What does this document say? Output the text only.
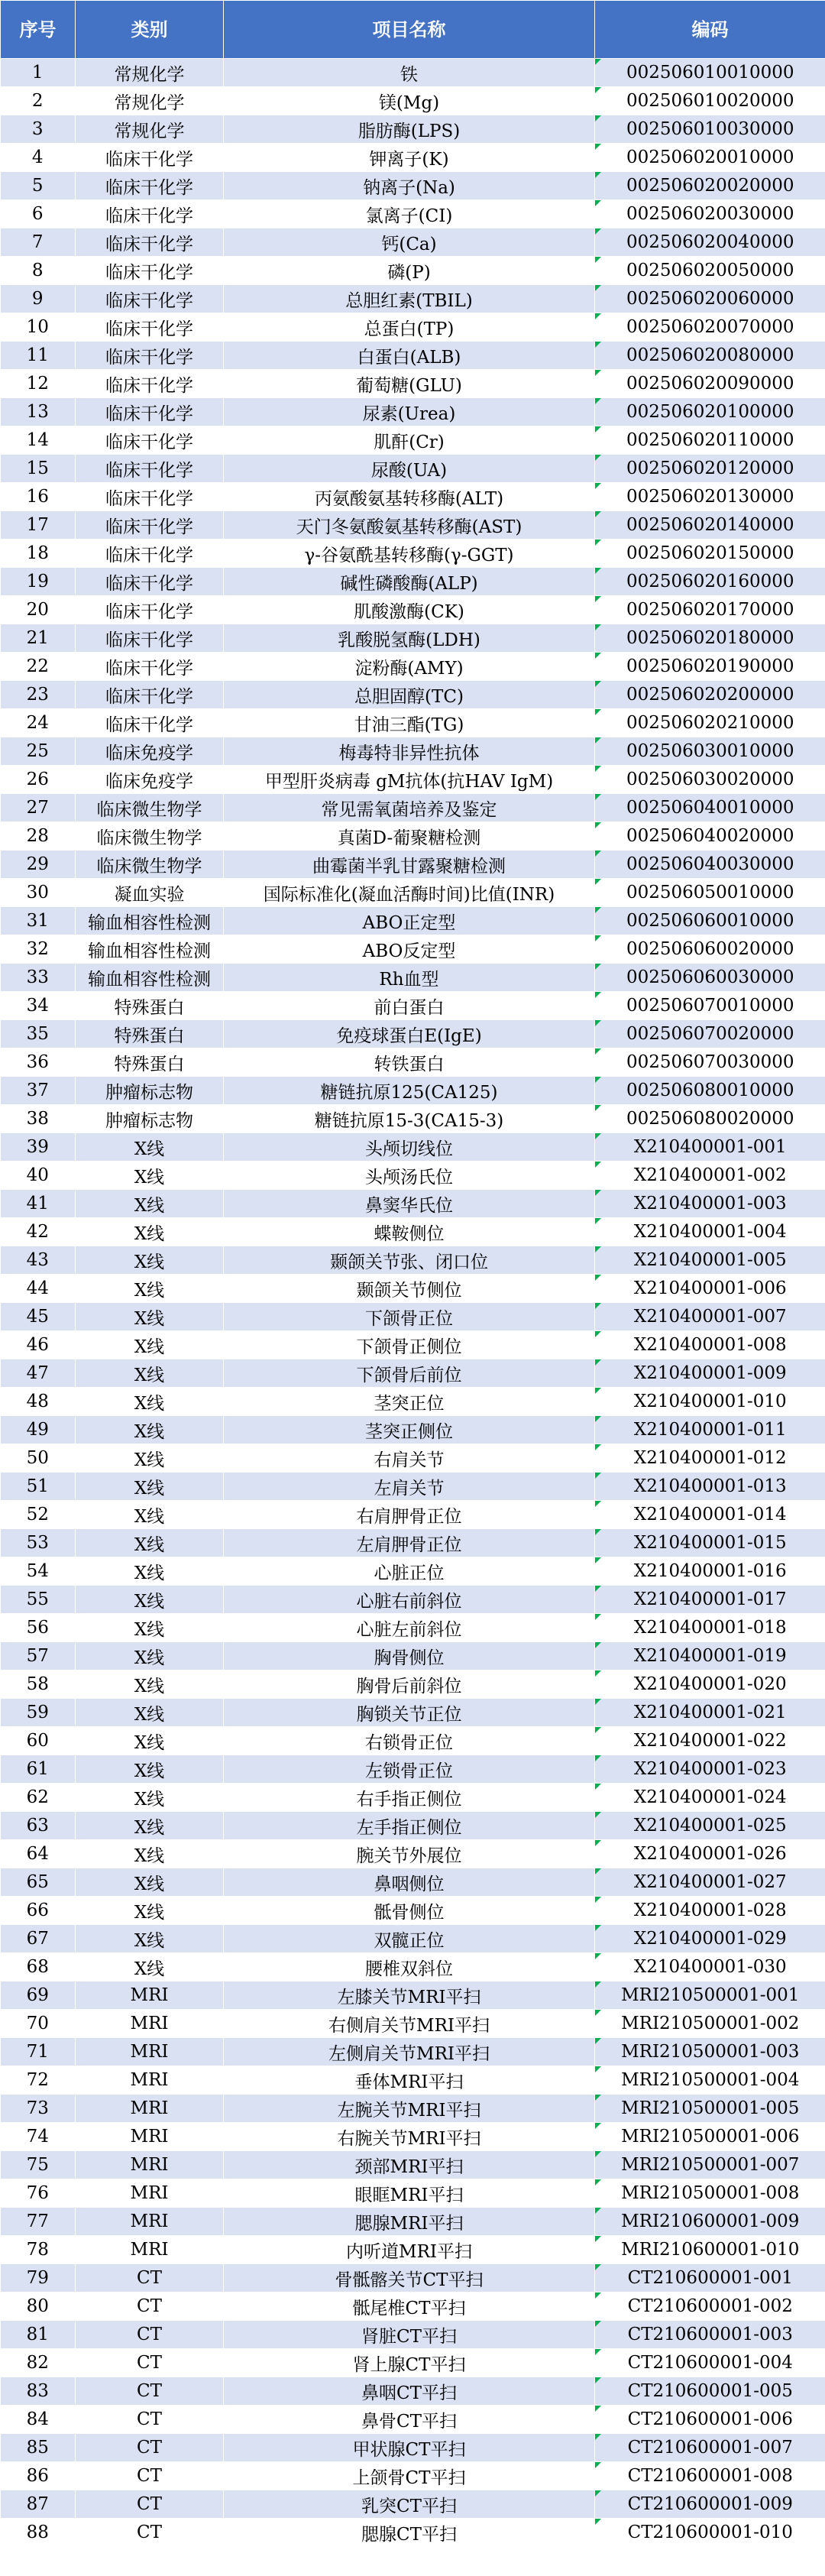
序号	类别	项目名称	编码
1	常规化学	铁	002506010010000
2	常规化学	镁(Mg)	002506010020000
3	常规化学	脂肪酶(LPS)	002506010030000
4	临床干化学	钾离子(K)	002506020010000
5	临床干化学	钠离子(Na)	002506020020000
6	临床干化学	氯离子(CI)	002506020030000
7	临床干化学	钙(Ca)	002506020040000
8	临床干化学	磷(P)	002506020050000
9	临床干化学	总胆红素(TBIL)	002506020060000
10	临床干化学	总蛋白(TP)	002506020070000
11	临床干化学	白蛋白(ALB)	002506020080000
12	临床干化学	葡萄糖(GLU)	002506020090000
13	临床干化学	尿素(Urea)	002506020100000
14	临床干化学	肌酐(Cr)	002506020110000
15	临床干化学	尿酸(UA)	002506020120000
16	临床干化学	丙氨酸氨基转移酶(ALT)	002506020130000
17	临床干化学	天门冬氨酸氨基转移酶(AST)	002506020140000
18	临床干化学	γ-谷氨酰基转移酶(γ-GGT)	002506020150000
19	临床干化学	碱性磷酸酶(ALP)	002506020160000
20	临床干化学	肌酸激酶(CK)	002506020170000
21	临床干化学	乳酸脱氢酶(LDH)	002506020180000
22	临床干化学	淀粉酶(AMY)	002506020190000
23	临床干化学	总胆固醇(TC)	002506020200000
24	临床干化学	甘油三酯(TG)	002506020210000
25	临床免疫学	梅毒特非异性抗体	002506030010000
26	临床免疫学	甲型肝炎病毒 gM抗体(抗HAV IgM)	002506030020000
27	临床微生物学	常见需氧菌培养及鉴定	002506040010000
28	临床微生物学	真菌D-葡聚糖检测	002506040020000
29	临床微生物学	曲霉菌半乳甘露聚糖检测	002506040030000
30	凝血实验	国际标准化(凝血活酶时间)比值(INR)	002506050010000
31	输血相容性检测	ABO正定型	002506060010000
32	输血相容性检测	ABO反定型	002506060020000
33	输血相容性检测	Rh血型	002506060030000
34	特殊蛋白	前白蛋白	002506070010000
35	特殊蛋白	免疫球蛋白E(IgE)	002506070020000
36	特殊蛋白	转铁蛋白	002506070030000
37	肿瘤标志物	糖链抗原125(CA125)	002506080010000
38	肿瘤标志物	糖链抗原15-3(CA15-3)	002506080020000
39	X线	头颅切线位	X210400001-001
40	X线	头颅汤氏位	X210400001-002
41	X线	鼻窦华氏位	X210400001-003
42	X线	蝶鞍侧位	X210400001-004
43	X线	颞颌关节张、闭口位	X210400001-005
44	X线	颞颌关节侧位	X210400001-006
45	X线	下颌骨正位	X210400001-007
46	X线	下颌骨正侧位	X210400001-008
47	X线	下颌骨后前位	X210400001-009
48	X线	茎突正位	X210400001-010
49	X线	茎突正侧位	X210400001-011
50	X线	右肩关节	X210400001-012
51	X线	左肩关节	X210400001-013
52	X线	右肩胛骨正位	X210400001-014
53	X线	左肩胛骨正位	X210400001-015
54	X线	心脏正位	X210400001-016
55	X线	心脏右前斜位	X210400001-017
56	X线	心脏左前斜位	X210400001-018
57	X线	胸骨侧位	X210400001-019
58	X线	胸骨后前斜位	X210400001-020
59	X线	胸锁关节正位	X210400001-021
60	X线	右锁骨正位	X210400001-022
61	X线	左锁骨正位	X210400001-023
62	X线	右手指正侧位	X210400001-024
63	X线	左手指正侧位	X210400001-025
64	X线	腕关节外展位	X210400001-026
65	X线	鼻咽侧位	X210400001-027
66	X线	骶骨侧位	X210400001-028
67	X线	双髋正位	X210400001-029
68	X线	腰椎双斜位	X210400001-030
69	MRI	左膝关节MRI平扫	MRI210500001-001
70	MRI	右侧肩关节MRI平扫	MRI210500001-002
71	MRI	左侧肩关节MRI平扫	MRI210500001-003
72	MRI	垂体MRI平扫	MRI210500001-004
73	MRI	左腕关节MRI平扫	MRI210500001-005
74	MRI	右腕关节MRI平扫	MRI210500001-006
75	MRI	颈部MRI平扫	MRI210500001-007
76	MRI	眼眶MRI平扫	MRI210500001-008
77	MRI	腮腺MRI平扫	MRI210600001-009
78	MRI	内听道MRI平扫	MRI210600001-010
79	CT	骨骶髂关节CT平扫	CT210600001-001
80	CT	骶尾椎CT平扫	CT210600001-002
81	CT	肾脏CT平扫	CT210600001-003
82	CT	肾上腺CT平扫	CT210600001-004
83	CT	鼻咽CT平扫	CT210600001-005
84	CT	鼻骨CT平扫	CT210600001-006
85	CT	甲状腺CT平扫	CT210600001-007
86	CT	上颌骨CT平扫	CT210600001-008
87	CT	乳突CT平扫	CT210600001-009
88	CT	腮腺CT平扫	CT210600001-010
